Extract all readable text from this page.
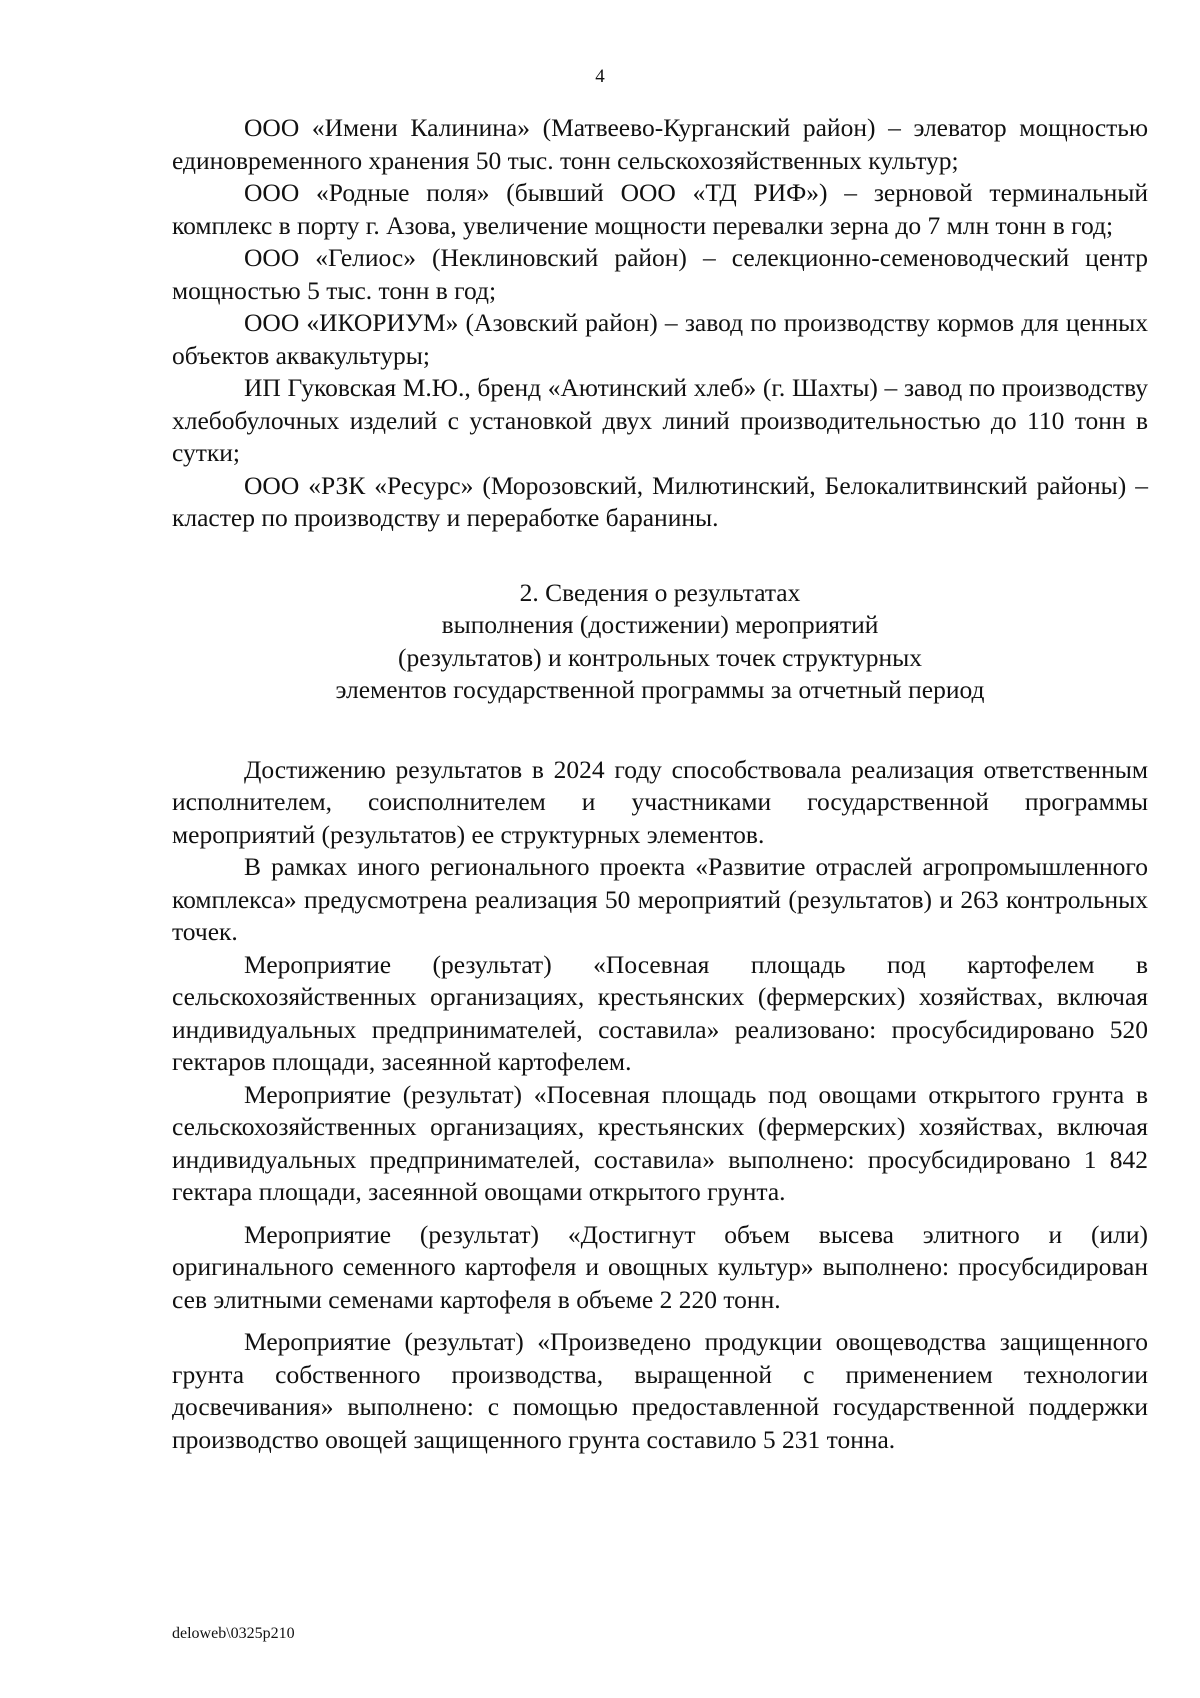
4

ООО «Имени Калинина» (Матвеево-Курганский район) – элеватор мощностью единовременного хранения 50 тыс. тонн сельскохозяйственных культур;

ООО «Родные поля» (бывший ООО «ТД РИФ») – зерновой терминальный комплекс в порту г. Азова, увеличение мощности перевалки зерна до 7 млн тонн в год;

ООО «Гелиос» (Неклиновский район) – селекционно-семеноводческий центр мощностью 5 тыс. тонн в год;

ООО «ИКОРИУМ» (Азовский район) – завод по производству кормов для ценных объектов аквакультуры;

ИП Гуковская М.Ю., бренд «Аютинский хлеб» (г. Шахты) – завод по производству хлебобулочных изделий с установкой двух линий производительностью до 110 тонн в сутки;

ООО «РЗК «Ресурс» (Морозовский, Милютинский, Белокалитвинский районы) – кластер по производству и переработке баранины.

2. Сведения о результатах
выполнения (достижении) мероприятий
(результатов) и контрольных точек структурных
элементов государственной программы за отчетный период

Достижению результатов в 2024 году способствовала реализация ответственным исполнителем, соисполнителем и участниками государственной программы мероприятий (результатов) ее структурных элементов.

В рамках иного регионального проекта «Развитие отраслей агропромышленного комплекса» предусмотрена реализация 50 мероприятий (результатов) и 263 контрольных точек.

Мероприятие (результат) «Посевная площадь под картофелем в сельскохозяйственных организациях, крестьянских (фермерских) хозяйствах, включая индивидуальных предпринимателей, составила» реализовано: просубсидировано 520 гектаров площади, засеянной картофелем.

Мероприятие (результат) «Посевная площадь под овощами открытого грунта в сельскохозяйственных организациях, крестьянских (фермерских) хозяйствах, включая индивидуальных предпринимателей, составила» выполнено: просубсидировано 1 842 гектара площади, засеянной овощами открытого грунта.

Мероприятие (результат) «Достигнут объем высева элитного и (или) оригинального семенного картофеля и овощных культур» выполнено: просубсидирован сев элитными семенами картофеля в объеме 2 220 тонн.

Мероприятие (результат) «Произведено продукции овощеводства защищенного грунта собственного производства, выращенной с применением технологии досвечивания» выполнено: с помощью предоставленной государственной поддержки производство овощей защищенного грунта составило 5 231 тонна.

deloweb\0325p210
